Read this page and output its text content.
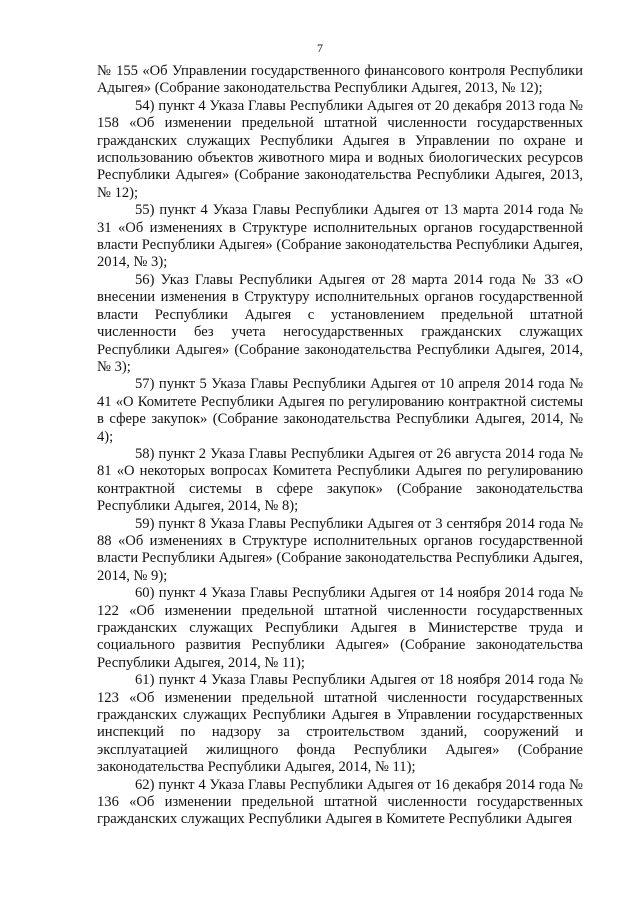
7

№ 155 «Об Управлении государственного финансового контроля Республики Адыгея» (Собрание законодательства Республики Адыгея, 2013, № 12);

54) пункт 4 Указа Главы Республики Адыгея от 20 декабря 2013 года № 158 «Об изменении предельной штатной численности государственных гражданских служащих Республики Адыгея в Управлении по охране и использованию объектов животного мира и водных биологических ресурсов Республики Адыгея» (Собрание законодательства Республики Адыгея, 2013, № 12);

55) пункт 4 Указа Главы Республики Адыгея от 13 марта 2014 года № 31 «Об изменениях в Структуре исполнительных органов государственной власти Республики Адыгея» (Собрание законодательства Республики Адыгея, 2014, № 3);

56) Указ Главы Республики Адыгея от 28 марта 2014 года № 33 «О внесении изменения в Структуру исполнительных органов государственной власти Республики Адыгея с установлением предельной штатной численности без учета негосударственных гражданских служащих Республики Адыгея» (Собрание законодательства Республики Адыгея, 2014, № 3);

57) пункт 5 Указа Главы Республики Адыгея от 10 апреля 2014 года № 41 «О Комитете Республики Адыгея по регулированию контрактной системы в сфере закупок» (Собрание законодательства Республики Адыгея, 2014, № 4);

58) пункт 2 Указа Главы Республики Адыгея от 26 августа 2014 года № 81 «О некоторых вопросах Комитета Республики Адыгея по регулированию контрактной системы в сфере закупок» (Собрание законодательства Республики Адыгея, 2014, № 8);

59) пункт 8 Указа Главы Республики Адыгея от 3 сентября 2014 года № 88 «Об изменениях в Структуре исполнительных органов государственной власти Республики Адыгея» (Собрание законодательства Республики Адыгея, 2014, № 9);

60) пункт 4 Указа Главы Республики Адыгея от 14 ноября 2014 года № 122 «Об изменении предельной штатной численности государственных гражданских служащих Республики Адыгея в Министерстве труда и социального развития Республики Адыгея» (Собрание законодательства Республики Адыгея, 2014, № 11);

61) пункт 4 Указа Главы Республики Адыгея от 18 ноября 2014 года № 123 «Об изменении предельной штатной численности государственных гражданских служащих Республики Адыгея в Управлении государственных инспекций по надзору за строительством зданий, сооружений и эксплуатацией жилищного фонда Республики Адыгея» (Собрание законодательства Республики Адыгея, 2014, № 11);

62) пункт 4 Указа Главы Республики Адыгея от 16 декабря 2014 года № 136 «Об изменении предельной штатной численности государственных гражданских служащих Республики Адыгея в Комитете Республики Адыгея
